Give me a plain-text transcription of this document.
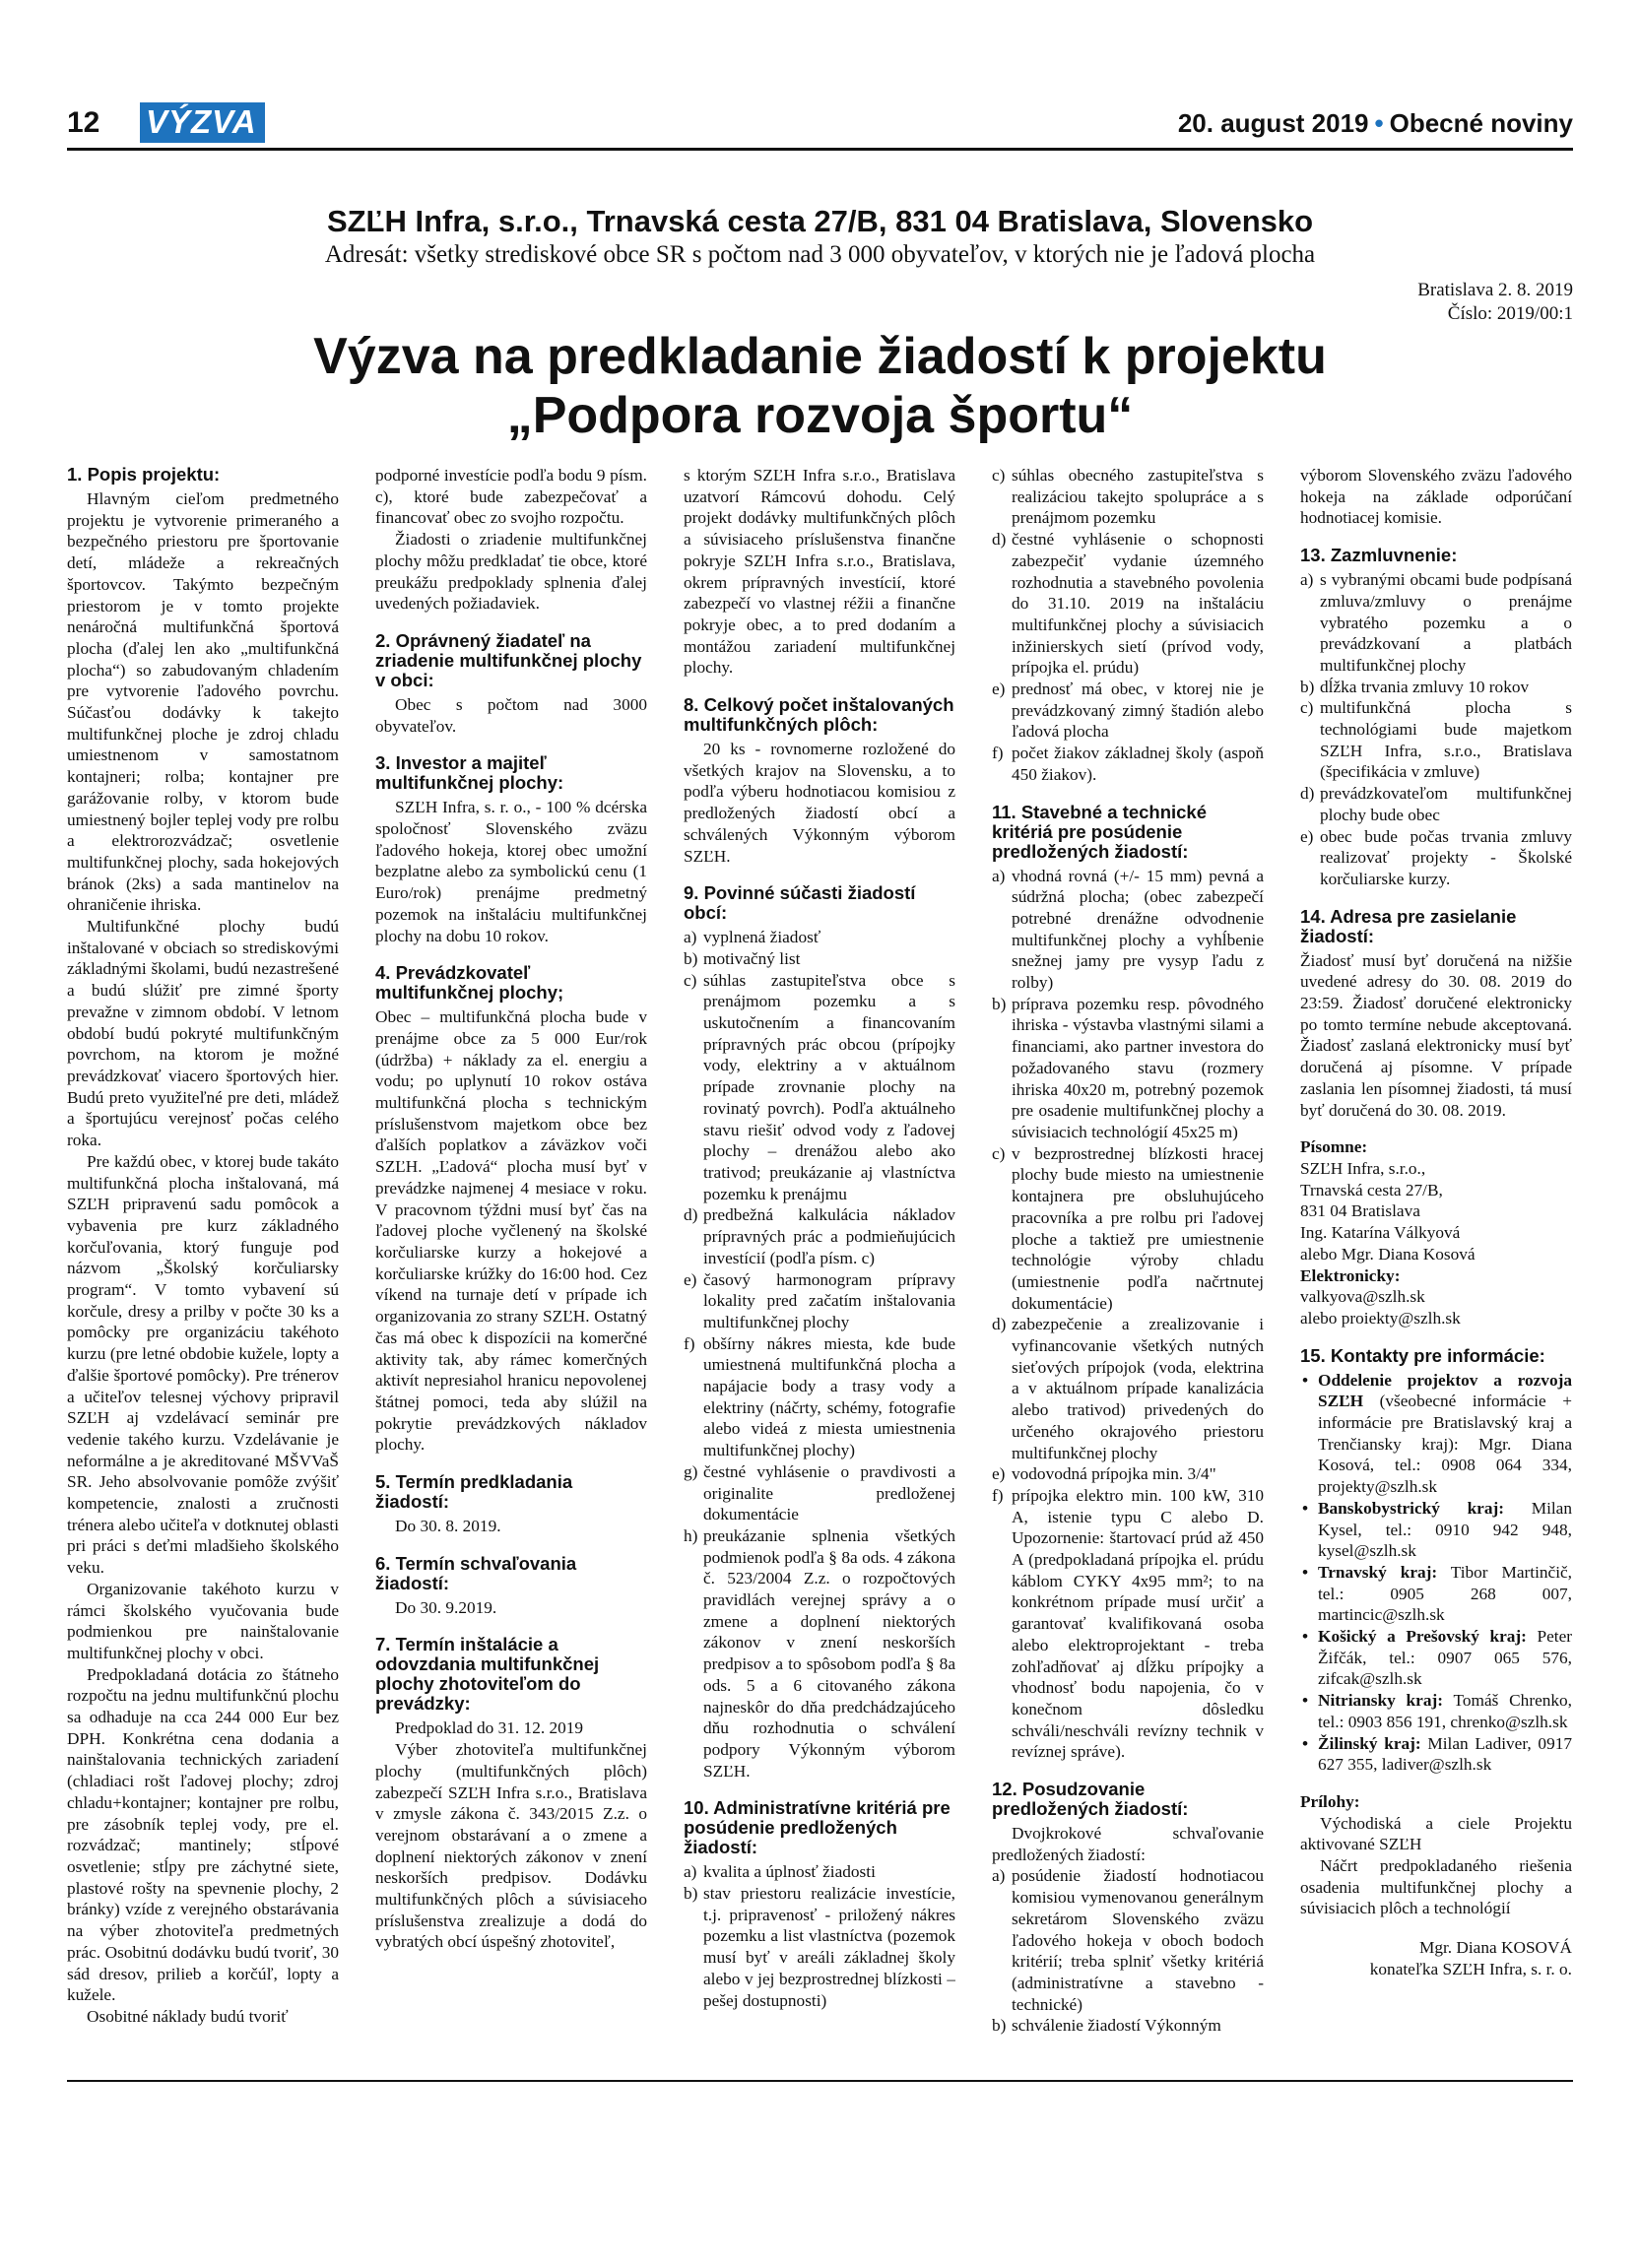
12 VÝZVA	20. august 2019 • Obecné noviny
SZĽH Infra, s.r.o., Trnavská cesta 27/B, 831 04 Bratislava, Slovensko
Adresát: všetky strediskové obce SR s počtom nad 3 000 obyvateľov, v ktorých nie je ľadová plocha
Bratislava 2. 8. 2019
Číslo: 2019/00:1
Výzva na predkladanie žiadostí k projektu
„Podpora rozvoja športu“
1. Popis projektu:

Hlavným cieľom predmetného projektu je vytvorenie primeraného a bezpečného priestoru pre športovanie detí, mládeže a rekreačných športovcov. Takýmto bezpečným priestorom je v tomto projekte nenáročná multifunkčná športová plocha (ďalej len ako „multifunkčná plocha“) so zabudovaným chladením pre vytvorenie ľadového povrchu. Súčasťou dodávky k takejto multifunkčnej ploche je zdroj chladu umiestnenom v samostatnom kontajneri; rolba; kontajner pre garážovanie rolby, v ktorom bude umiestnený bojler teplej vody pre rolbu a elektrorozvádzač; osvetlenie multifunkčnej plochy, sada hokejových bránok (2ks) a sada mantinelov na ohraničenie ihriska.

Multifunkčné plochy budú inštalované v obciach so strediskovými základnými školami, budú nezastrešené a budú slúžiť pre zimné športy prevažne v zimnom období. V letnom období budú pokryté multifunkčným povrchom, na ktorom je možné prevádzkovať viacero športových hier. Budú preto využiteľné pre deti, mládež a športujúcu verejnosť počas celého roka.

Pre každú obec, v ktorej bude takáto multifunkčná plocha inštalovaná, má SZĽH pripravenú sadu pomôcok a vybavenia pre kurz základného korčuľovania, ktorý funguje pod názvom „Školský korčuliarsky program“. V tomto vybavení sú korčule, dresy a prilby v počte 30 ks a pomôcky pre organizáciu takéhoto kurzu (pre letné obdobie kužele, lopty a ďalšie športové pomôcky). Pre trénerov a učiteľov telesnej výchovy pripravil SZĽH aj vzdelávací seminár pre vedenie takého kurzu. Vzdelávanie je neformálne a je akreditované MŠVVaŠ SR. Jeho absolvovanie pomôže zvýšiť kompetencie, znalosti a zručnosti trénera alebo učiteľa v dotknutej oblasti pri práci s deťmi mladšieho školského veku.

Organizovanie takéhoto kurzu v rámci školského vyučovania bude podmienkou pre nainštalovanie multifunkčnej plochy v obci.

Predpokladaná dotácia zo štátneho rozpočtu na jednu multifunkčnú plochu sa odhaduje na cca 244 000 Eur bez DPH. Konkrétna cena dodania a nainštalovania technických zariadení (chladiaci rošt ľadovej plochy; zdroj chladu+kontajner; kontajner pre rolbu, pre zásobník teplej vody, pre el. rozvádzač; mantinely; stĺpové osvetlenie; stĺpy pre záchytné siete, plastové rošty na spevnenie plochy, 2 bránky) vzíde z verejného obstarávania na výber zhotoviteľa predmetných prác. Osobitnú dodávku budú tvoriť, 30 sád dresov, prilieb a korčúľ, lopty a kužele.

Osobitné náklady budú tvoriť

podporné investície podľa bodu 9 písm. c), ktoré bude zabezpečovať a financovať obec zo svojho rozpočtu.

Žiadosti o zriadenie multifunkčnej plochy môžu predkladať tie obce, ktoré preukážu predpoklady splnenia ďalej uvedených požiadaviek.

2. Oprávnený žiadateľ na zriadenie multifunkčnej plochy v obci:

Obec s počtom nad 3000 obyvateľov.

3. Investor a majiteľ multifunkčnej plochy:

SZĽH Infra, s. r. o., - 100 % dcérska spoločnosť Slovenského zväzu ľadového hokeja, ktorej obec umožní bezplatne alebo za symbolickú cenu (1 Euro/rok) prenájme predmetný pozemok na inštaláciu multifunkčnej plochy na dobu 10 rokov.

4. Prevádzkovateľ multifunkčnej plochy;

Obec – multifunkčná plocha bude v prenájme obce za 5 000 Eur/rok (údržba) + náklady za el. energiu a vodu; po uplynutí 10 rokov ostáva multifunkčná plocha s technickým príslušenstvom majetkom obce bez ďalších poplatkov a záväzkov voči SZĽH. „Ľadová“ plocha musí byť v prevádzke najmenej 4 mesiace v roku. V pracovnom týždni musí byť čas na ľadovej ploche vyčlenený na školské korčuliarske kurzy a hokejové a korčuliarske krúžky do 16:00 hod. Cez víkend na turnaje detí v prípade ich organizovania zo strany SZĽH. Ostatný čas má obec k dispozícii na komerčné aktivity tak, aby rámec komerčných aktivít nepresiahol hranicu nepovolenej štátnej pomoci, teda aby slúžil na pokrytie prevádzkových nákladov plochy.

5. Termín predkladania žiadostí:

Do 30. 8. 2019.

6. Termín schvaľovania žiadostí:

Do 30. 9.2019.

7. Termín inštalácie a odovzdania multifunkčnej plochy zhotoviteľom do prevádzky:

Predpoklad do 31. 12. 2019

Výber zhotoviteľa multifunkčnej plochy (multifunkčných plôch) zabezpečí SZĽH Infra s.r.o., Bratislava v zmysle zákona č. 343/2015 Z.z. o verejnom obstarávaní a o zmene a doplnení niektorých zákonov v znení neskorších predpisov. Dodávku multifunkčných plôch a súvisiaceho príslušenstva zrealizuje a dodá do vybratých obcí úspešný zhotoviteľ,

s ktorým SZĽH Infra s.r.o., Bratislava uzatvorí Rámcovú dohodu. Celý projekt dodávky multifunkčných plôch a súvisiaceho príslušenstva finančne pokryje SZĽH Infra s.r.o., Bratislava, okrem prípravných investícií, ktoré zabezpečí vo vlastnej réžii a finančne pokryje obec, a to pred dodaním a montážou zariadení multifunkčnej plochy.

8. Celkový počet inštalovaných multifunkčných plôch:

20 ks - rovnomerne rozložené do všetkých krajov na Slovensku, a to podľa výberu hodnotiacou komisiou z predložených žiadostí obcí a schválených Výkonným výborom SZĽH.

9. Povinné súčasti žiadostí obcí:

a) vyplnená žiadosť

b) motivačný list

c) súhlas zastupiteľstva obce s prenájmom pozemku a s uskutočnením a financovaním prípravných prác obcou (prípojky vody, elektriny a v aktuálnom prípade zrovnanie plochy na rovinatý povrch). Podľa aktuálneho stavu riešiť odvod vody z ľadovej plochy – drenážou alebo ako trativod; preukázanie aj vlastníctva pozemku k prenájmu

d) predbežná kalkulácia nákladov prípravných prác a podmieňujúcich investícií (podľa písm. c)

e) časový harmonogram prípravy lokality pred začatím inštalovania multifunkčnej plochy

f) obšírny nákres miesta, kde bude umiestnená multifunkčná plocha a napájacie body a trasy vody a elektriny (náčrty, schémy, fotografie alebo videá z miesta umiestnenia multifunkčnej plochy)

g) čestné vyhlásenie o pravdivosti a originalite predloženej dokumentácie

h) preukázanie splnenia všetkých podmienok podľa § 8a ods. 4 zákona č. 523/2004 Z.z. o rozpočtových pravidlách verejnej správy a o zmene a doplnení niektorých zákonov v znení neskorších predpisov a to spôsobom podľa § 8a ods. 5 a 6 citovaného zákona najneskôr do dňa predchádzajúceho dňu rozhodnutia o schválení podpory Výkonným výborom SZĽH.

10. Administratívne kritériá pre posúdenie predložených žiadostí:

a) kvalita a úplnosť žiadosti

b) stav priestoru realizácie investície, t.j. pripravenosť - priložený nákres pozemku a list vlastníctva (pozemok musí byť v areáli základnej školy alebo v jej bezprostrednej blízkosti – pešej dostupnosti)

c) súhlas obecného zastupiteľstva s realizáciou takejto spolupráce a s prenájmom pozemku

d) čestné vyhlásenie o schopnosti zabezpečiť vydanie územného rozhodnutia a stavebného povolenia do 31.10. 2019 na inštaláciu multifunkčnej plochy a súvisiacich inžinierskych sietí (prívod vody, prípojka el. prúdu)

e) prednosť má obec, v ktorej nie je prevádzkovaný zimný štadión alebo ľadová plocha

f) počet žiakov základnej školy (aspoň 450 žiakov).

11. Stavebné a technické kritériá pre posúdenie predložených žiadostí:

a) vhodná rovná (+/- 15 mm) pevná a súdržná plocha; (obec zabezpečí potrebné drenážne odvodnenie multifunkčnej plochy a vyhĺbenie snežnej jamy pre vysyp ľadu z rolby)

b) príprava pozemku resp. pôvodného ihriska - výstavba vlastnými silami a financiami, ako partner investora do požadovaného stavu (rozmery ihriska 40x20 m, potrebný pozemok pre osadenie multifunkčnej plochy a súvisiacich technológií 45x25 m)

c) v bezprostrednej blízkosti hracej plochy bude miesto na umiestnenie kontajnera pre obsluhujúceho pracovníka a pre rolbu pri ľadovej ploche a taktiež pre umiestnenie technológie výroby chladu (umiestnenie podľa načrtnutej dokumentácie)

d) zabezpečenie a zrealizovanie i vyfinancovanie všetkých nutných sieťových prípojok (voda, elektrina a v aktuálnom prípade kanalizácia alebo trativod) privedených do určeného okrajového priestoru multifunkčnej plochy

e) vodovodná prípojka min. 3/4"

f) prípojka elektro min. 100 kW, 310 A, istenie typu C alebo D. Upozornenie: štartovací prúd až 450 A (predpokladaná prípojka el. prúdu káblom CYKY 4x95 mm²; to na konkrétnom prípade musí určiť a garantovať kvalifikovaná osoba alebo elektroprojektant - treba zohľadňovať aj dĺžku prípojky a vhodnosť bodu napojenia, čo v konečnom dôsledku schváli/neschváli revízny technik v revíznej správe).

12. Posudzovanie predložených žiadostí:

Dvojkrokové schvaľovanie predložených žiadostí:

a) posúdenie žiadostí hodnotiacou komisiou vymenovanou generálnym sekretárom Slovenského zväzu ľadového hokeja v oboch bodoch kritérií; treba splniť všetky kritériá (administratívne a stavebno - technické)

b) schválenie žiadostí Výkonným

výborom Slovenského zväzu ľadového hokeja na základe odporúčaní hodnotiacej komisie.

13. Zazmluvnenie:

a) s vybranými obcami bude podpísaná zmluva/zmluvy o prenájme vybratého pozemku a o prevádzkovaní a platbách multifunkčnej plochy

b) dĺžka trvania zmluvy 10 rokov

c) multifunkčná plocha s technológiami bude majetkom SZĽH Infra, s.r.o., Bratislava (špecifikácia v zmluve)

d) prevádzkovateľom multifunkčnej plochy bude obec

e) obec bude počas trvania zmluvy realizovať projekty - Školské korčuliarske kurzy.

14. Adresa pre zasielanie žiadostí:

Žiadosť musí byť doručená na nižšie uvedené adresy do 30. 08. 2019 do 23:59. Žiadosť doručené elektronicky po tomto termíne nebude akceptovaná. Žiadosť zaslaná elektronicky musí byť doručená aj písomne. V prípade zaslania len písomnej žiadosti, tá musí byť doručená do 30. 08. 2019.

Písomne:

SZĽH Infra, s.r.o.,

Trnavská cesta 27/B,

831 04 Bratislava

Ing. Katarína Válkyová

alebo Mgr. Diana Kosová

Elektronicky:

valkyova@szlh.sk

alebo proiekty@szlh.sk

15. Kontakty pre informácie:
• Oddelenie projektov a rozvoja SZĽH (všeobecné informácie + informácie pre Bratislavský kraj a Trenčiansky kraj): Mgr. Diana Kosová, tel.: 0908 064 334, projekty@szlh.sk
• Banskobystrický kraj: Milan Kysel, tel.: 0910 942 948, kysel@szlh.sk
• Trnavský kraj: Tibor Martinčič, tel.: 0905 268 007, martincic@szlh.sk
• Košický a Prešovský kraj: Peter Žifčák, tel.: 0907 065 576, zifcak@szlh.sk
• Nitriansky kraj: Tomáš Chrenko, tel.: 0903 856 191, chrenko@szlh.sk
• Žilinský kraj: Milan Ladiver, 0917 627 355, ladiver@szlh.sk

Prílohy:

Východiská a ciele Projektu aktivované SZĽH

Náčrt predpokladaného riešenia osadenia multifunkčnej plochy a súvisiacich plôch a technológií

Mgr. Diana KOSOVÁ

konateľka SZĽH Infra, s. r. o.
